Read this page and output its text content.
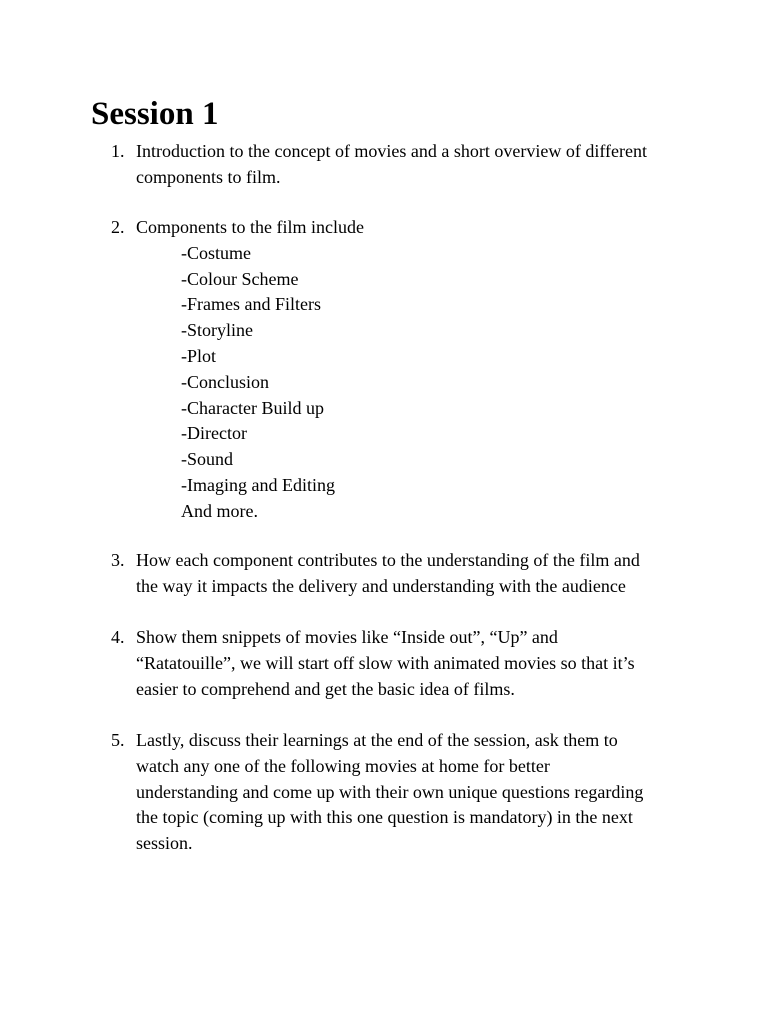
Session 1
1. Introduction to the concept of movies and a short overview of different
components to film.
2. Components to the film include
-Costume
-Colour Scheme
-Frames and Filters
-Storyline
-Plot
-Conclusion
-Character Build up
-Director
-Sound
-Imaging and Editing
And more.
3. How each component contributes to the understanding of the film and
the way it impacts the delivery and understanding with the audience
4. Show them snippets of movies like “Inside out”, “Up” and
“Ratatouille”, we will start off slow with animated movies so that it’s
easier to comprehend and get the basic idea of films.
5. Lastly, discuss their learnings at the end of the session, ask them to
watch any one of the following movies at home for better
understanding and come up with their own unique questions regarding
the topic (coming up with this one question is mandatory) in the next
session.
